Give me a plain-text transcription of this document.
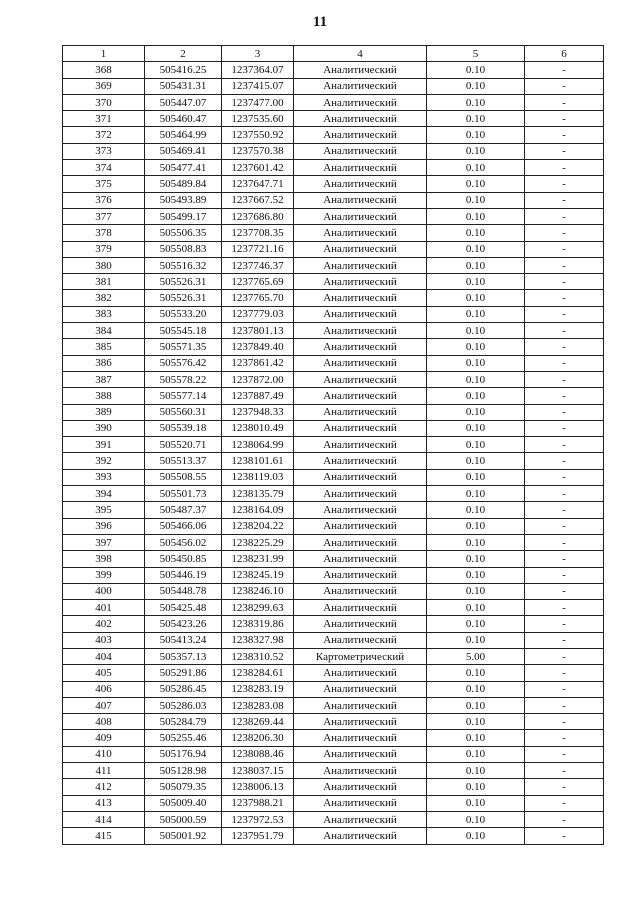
11
1	2	3	4	5	6
368	505416.25	1237364.07	Аналитический	0.10	-
369	505431.31	1237415.07	Аналитический	0.10	-
370	505447.07	1237477.00	Аналитический	0.10	-
371	505460.47	1237535.60	Аналитический	0.10	-
372	505464.99	1237550.92	Аналитический	0.10	-
373	505469.41	1237570.38	Аналитический	0.10	-
374	505477.41	1237601.42	Аналитический	0.10	-
375	505489.84	1237647.71	Аналитический	0.10	-
376	505493.89	1237667.52	Аналитический	0.10	-
377	505499.17	1237686.80	Аналитический	0.10	-
378	505506.35	1237708.35	Аналитический	0.10	-
379	505508.83	1237721.16	Аналитический	0.10	-
380	505516.32	1237746.37	Аналитический	0.10	-
381	505526.31	1237765.69	Аналитический	0.10	-
382	505526.31	1237765.70	Аналитический	0.10	-
383	505533.20	1237779.03	Аналитический	0.10	-
384	505545.18	1237801.13	Аналитический	0.10	-
385	505571.35	1237849.40	Аналитический	0.10	-
386	505576.42	1237861.42	Аналитический	0.10	-
387	505578.22	1237872.00	Аналитический	0.10	-
388	505577.14	1237887.49	Аналитический	0.10	-
389	505560.31	1237948.33	Аналитический	0.10	-
390	505539.18	1238010.49	Аналитический	0.10	-
391	505520.71	1238064.99	Аналитический	0.10	-
392	505513.37	1238101.61	Аналитический	0.10	-
393	505508.55	1238119.03	Аналитический	0.10	-
394	505501.73	1238135.79	Аналитический	0.10	-
395	505487.37	1238164.09	Аналитический	0.10	-
396	505466.06	1238204.22	Аналитический	0.10	-
397	505456.02	1238225.29	Аналитический	0.10	-
398	505450.85	1238231.99	Аналитический	0.10	-
399	505446.19	1238245.19	Аналитический	0.10	-
400	505448.78	1238246.10	Аналитический	0.10	-
401	505425.48	1238299.63	Аналитический	0.10	-
402	505423.26	1238319.86	Аналитический	0.10	-
403	505413.24	1238327.98	Аналитический	0.10	-
404	505357.13	1238310.52	Картометрический	5.00	-
405	505291.86	1238284.61	Аналитический	0.10	-
406	505286.45	1238283.19	Аналитический	0.10	-
407	505286.03	1238283.08	Аналитический	0.10	-
408	505284.79	1238269.44	Аналитический	0.10	-
409	505255.46	1238206.30	Аналитический	0.10	-
410	505176.94	1238088.46	Аналитический	0.10	-
411	505128.98	1238037.15	Аналитический	0.10	-
412	505079.35	1238006.13	Аналитический	0.10	-
413	505009.40	1237988.21	Аналитический	0.10	-
414	505000.59	1237972.53	Аналитический	0.10	-
415	505001.92	1237951.79	Аналитический	0.10	-
